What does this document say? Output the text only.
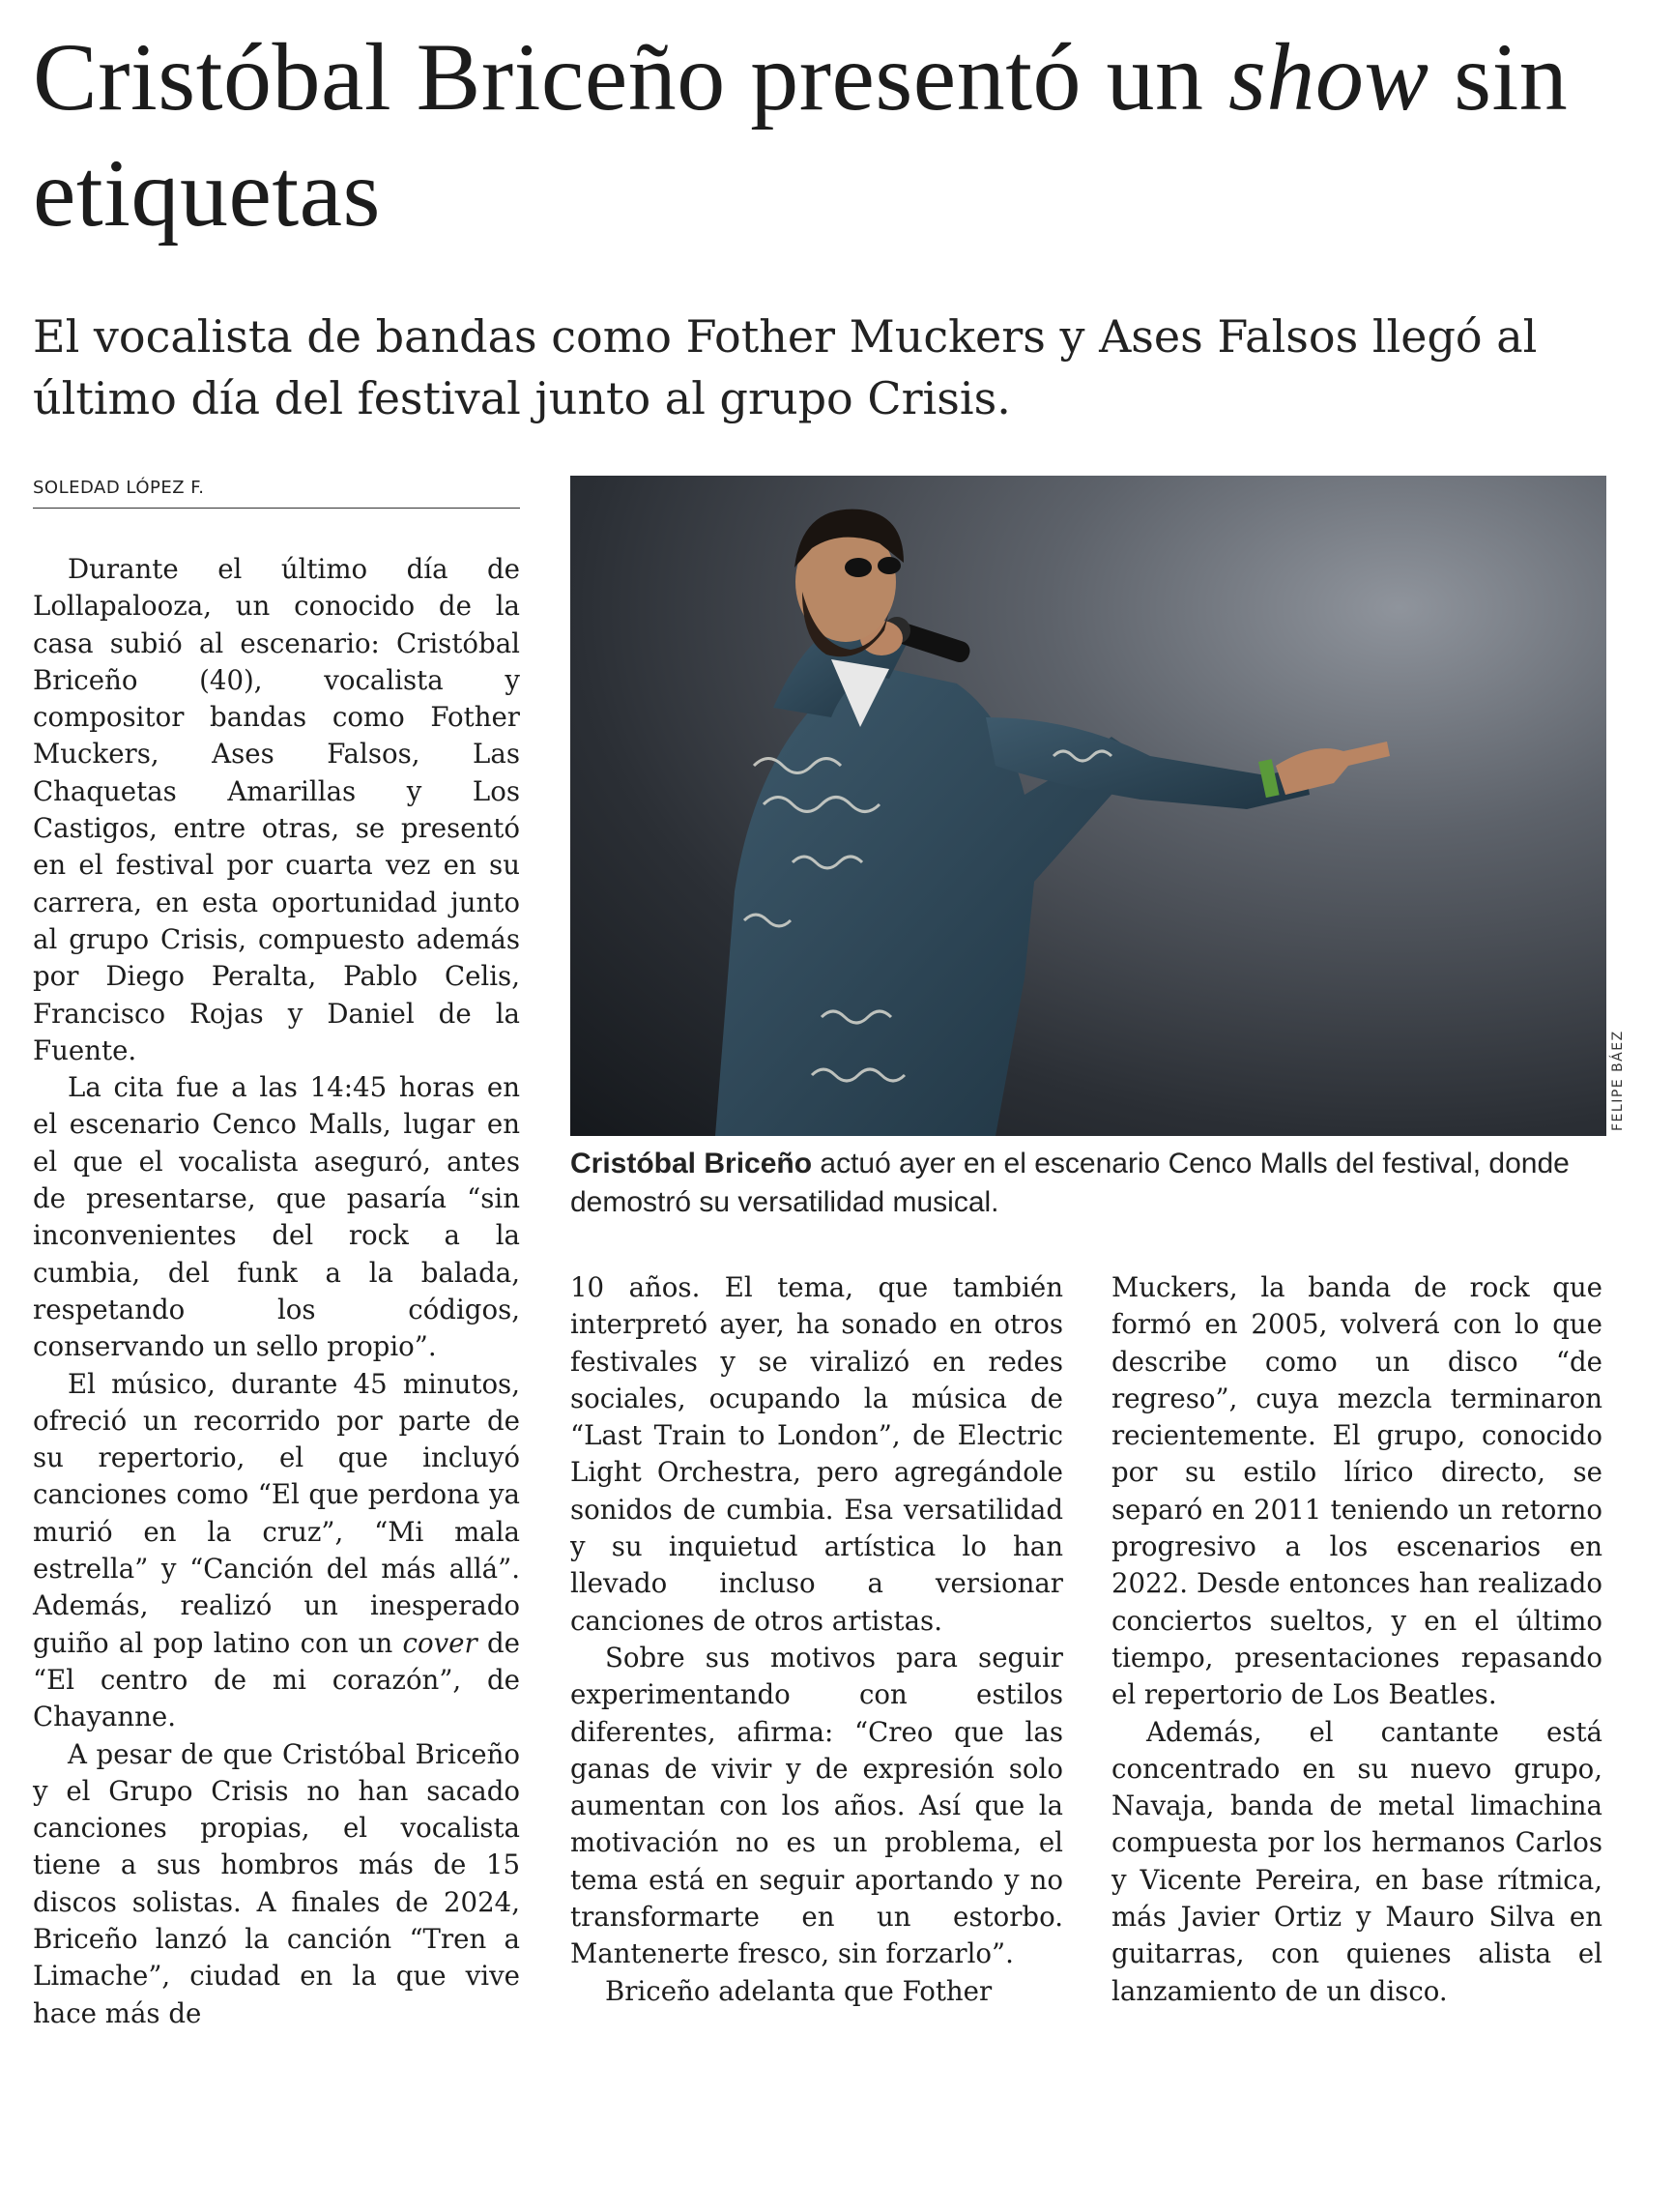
Cristóbal Briceño presentó un show sin etiquetas

El vocalista de bandas como Fother Muckers y Ases Falsos llegó al último día del festival junto al grupo Crisis.

SOLEDAD LÓPEZ F.

Durante el último día de Lollapalooza, un conocido de la casa subió al escenario: Cristóbal Briceño (40), vocalista y compositor bandas como Fother Muckers, Ases Falsos, Las Chaquetas Amarillas y Los Castigos, entre otras, se presentó en el festival por cuarta vez en su carrera, en esta oportunidad junto al grupo Crisis, compuesto además por Diego Peralta, Pablo Celis, Francisco Rojas y Daniel de la Fuente.

La cita fue a las 14:45 horas en el escenario Cenco Malls, lugar en el que el vocalista aseguró, antes de presentarse, que pasaría “sin inconvenientes del rock a la cumbia, del funk a la balada, respetando los códigos, conservando un sello propio”.

El músico, durante 45 minutos, ofreció un recorrido por parte de su repertorio, el que incluyó canciones como “El que perdona ya murió en la cruz”, “Mi mala estrella” y “Canción del más allá”. Además, realizó un inesperado guiño al pop latino con un cover de “El centro de mi corazón”, de Chayanne.

A pesar de que Cristóbal Briceño y el Grupo Crisis no han sacado canciones propias, el vocalista tiene a sus hombros más de 15 discos solistas. A finales de 2024, Briceño lanzó la canción “Tren a Limache”, ciudad en la que vive hace más de

FELIPE BÁEZ
Cristóbal Briceño actuó ayer en el escenario Cenco Malls del festival, donde demostró su versatilidad musical.

10 años. El tema, que también interpretó ayer, ha sonado en otros festivales y se viralizó en redes sociales, ocupando la música de “Last Train to London”, de Electric Light Orchestra, pero agregándole sonidos de cumbia. Esa versatilidad y su inquietud artística lo han llevado incluso a versionar canciones de otros artistas.

Sobre sus motivos para seguir experimentando con estilos diferentes, afirma: “Creo que las ganas de vivir y de expresión solo aumentan con los años. Así que la motivación no es un problema, el tema está en seguir aportando y no transformarte en un estorbo. Mantenerte fresco, sin forzarlo”.

Briceño adelanta que Fother

Muckers, la banda de rock que formó en 2005, volverá con lo que describe como un disco “de regreso”, cuya mezcla terminaron recientemente. El grupo, conocido por su estilo lírico directo, se separó en 2011 teniendo un retorno progresivo a los escenarios en 2022. Desde entonces han realizado conciertos sueltos, y en el último tiempo, presentaciones repasando el repertorio de Los Beatles.

Además, el cantante está concentrado en su nuevo grupo, Navaja, banda de metal limachina compuesta por los hermanos Carlos y Vicente Pereira, en base rítmica, más Javier Ortiz y Mauro Silva en guitarras, con quienes alista el lanzamiento de un disco.
